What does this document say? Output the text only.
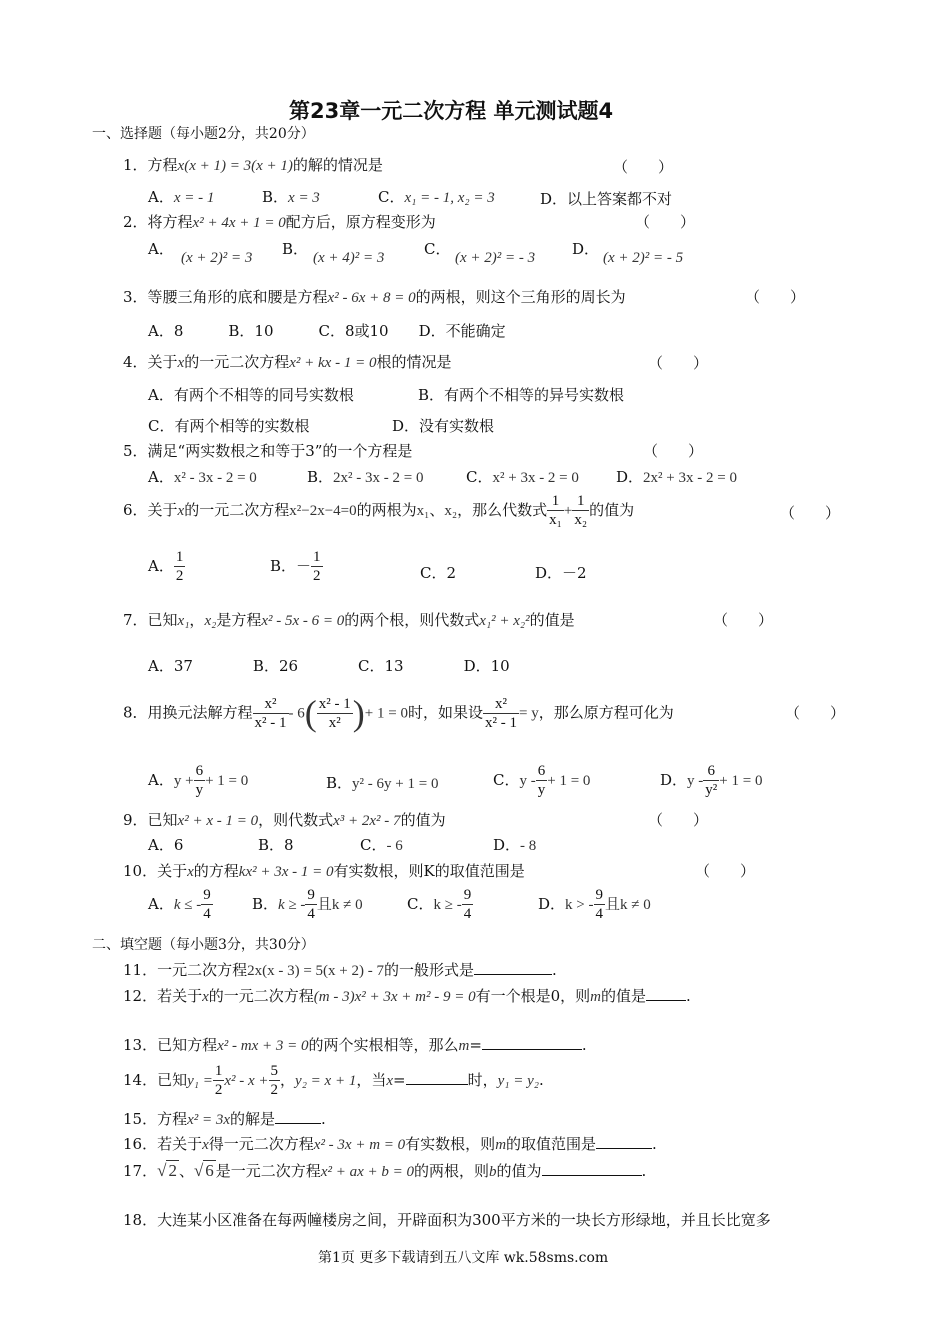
第23章一元二次方程 单元测试题4
一、选择题（每小题2分，共20分）
1．方程x(x + 1) = 3(x + 1)的解的情况是	（　　）
A．x = - 1	B．x = 3	C．x₁ = - 1, x₂ = 3	D．以上答案都不对
2．将方程x² + 4x + 1 = 0配方后，原方程变形为	（　　）
A． (x + 2)² = 3 B． (x + 4)² = 3	C． (x + 2)² = - 3 D． (x + 2)² = - 5
3．等腰三角形的底和腰是方程x² - 6x + 8 = 0的两根，则这个三角形的周长为	（　　）
A．8　　　B．10　　　C．8或10　　D．不能确定
4．关于x的一元二次方程x² + kx - 1 = 0根的情况是	（　　）
A．有两个不相等的同号实数根	B．有两个不相等的异号实数根
C．有两个相等的实数根	D．没有实数根
5．满足“两实数根之和等于3”的一个方程是	（　　）
A．x² - 3x - 2 = 0	B．2x² - 3x - 2 = 0	C．x² + 3x - 2 = 0 D．2x² + 3x - 2 = 0
6．关于x的一元二次方程x²−2x−4=0的两根为x₁、x₂，那么代数式 $\frac{1}{\text{x₁}} + \frac{1}{\text{x₂}}$ 的值为	（　　）
A． $\frac{1}{2}$	B．－ $\frac{1}{2}$	C．2	D．－2
7．已知x₁，x₂是方程x² - 5x - 6 = 0的两个根，则代数式x₁² + x₂²的值是	（　　）
A．37　　　　B．26　　　　C．13　　　　D．10
8．用换元法解方程 $\frac{\text{x²}}{\text{x² - 1}} - 6( \frac{\text{x² - 1}}{\text{x²}}$ )+ 1 = 0时，如果设 $\frac{\text{x²}}{\text{x² - 1}} = y$，那么原方程可化为	（　　）
A．$y + \frac{6}{y} + 1 = 0$	B．y² - 6y + 1 = 0	C．$y - \frac{6}{y} + 1 = 0$	D．$y - \frac{6}{\text{y²}} + 1 = 0$
9．已知x² + x - 1 = 0，则代数式x³ + 2x² - 7的值为	（　　）
A．6	B．8	C．- 6	D．- 8
10．关于x的方程kx² + 3x - 1 = 0有实数根，则K的取值范围是	（　　）
A．k ≤ - $\frac{9}{4}$	B．k ≥ - $\frac{9}{4}$ 且k ≠ 0	C．k ≥ - $\frac{9}{4}$	D．k > - $\frac{9}{4}$ 且k ≠ 0
二、填空题（每小题3分，共30分）
11．一元二次方程2x(x - 3) = 5(x + 2) - 7的一般形式是	.
12．若关于x的一元二次方程(m - 3)x² + 3x + m² - 9 = 0有一个根是0，则m的值是	.
13．已知方程x² - mx + 3 = 0的两个实根相等，那么m=	.
14．已知$y_1 = \frac{1}{2} x^2 - x + \frac{5}{2}$ ，y₂ = x + 1，当x=	时，y₁ = y₂.
15．方程x² = 3x的解是	.
16．若关于x得一元二次方程x² - 3x + m = 0有实数根，则m的取值范围是	.
17．√ 2 、√ 6 是一元二次方程x² + ax + b = 0的两根，则b的值为	.
18．大连某小区准备在每两幢楼房之间，开辟面积为300平方米的一块长方形绿地，并且长比宽多
第1页 更多下载请到五八文库 wk.58sms.com
